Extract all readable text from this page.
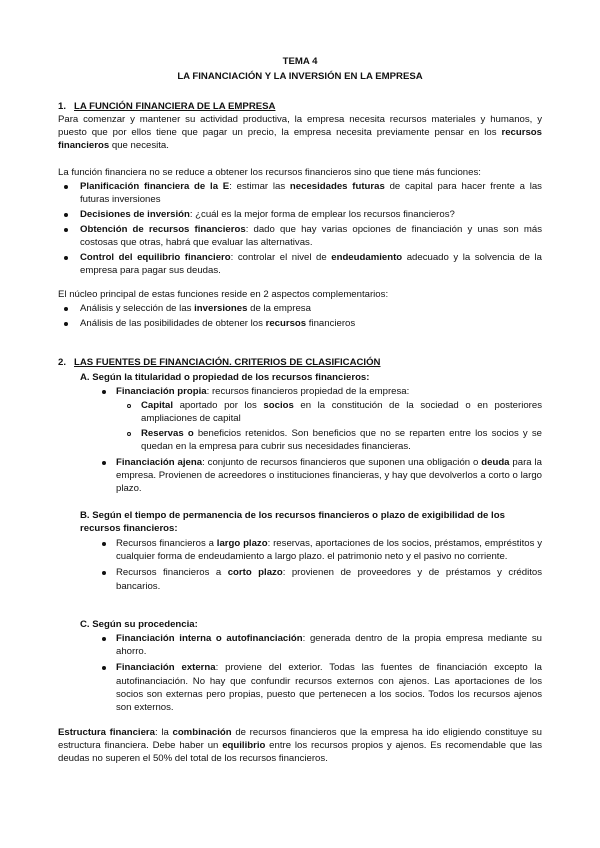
TEMA 4
LA FINANCIACIÓN Y LA INVERSIÓN EN LA EMPRESA
1. LA FUNCIÓN FINANCIERA DE LA EMPRESA
Para comenzar y mantener su actividad productiva, la empresa necesita recursos materiales y humanos, y puesto que por ellos tiene que pagar un precio, la empresa necesita previamente pensar en los recursos financieros que necesita.
La función financiera no se reduce a obtener los recursos financieros sino que tiene más funciones:
Planificación financiera de la E: estimar las necesidades futuras de capital para hacer frente a las futuras inversiones
Decisiones de inversión: ¿cuál es la mejor forma de emplear los recursos financieros?
Obtención de recursos financieros: dado que hay varias opciones de financiación y unas son más costosas que otras, habrá que evaluar las alternativas.
Control del equilibrio financiero: controlar el nivel de endeudamiento adecuado y la solvencia de la empresa para pagar sus deudas.
El núcleo principal de estas funciones reside en 2 aspectos complementarios:
Análisis y selección de las inversiones de la empresa
Análisis de las posibilidades de obtener los recursos financieros
2. LAS FUENTES DE FINANCIACIÓN. CRITERIOS DE CLASIFICACIÓN
A. Según la titularidad o propiedad de los recursos financieros:
Financiación propia: recursos financieros propiedad de la empresa:
Capital aportado por los socios en la constitución de la sociedad o en posteriores ampliaciones de capital
Reservas o beneficios retenidos. Son beneficios que no se reparten entre los socios y se quedan en la empresa para cubrir sus necesidades financieras.
Financiación ajena: conjunto de recursos financieros que suponen una obligación o deuda para la empresa. Provienen de acreedores o instituciones financieras, y hay que devolverlos a corto o largo plazo.
B. Según el tiempo de permanencia de los recursos financieros o plazo de exigibilidad de los recursos financieros:
Recursos financieros a largo plazo: reservas, aportaciones de los socios, préstamos, empréstitos y cualquier forma de endeudamiento a largo plazo. el patrimonio neto y el pasivo no corriente.
Recursos financieros a corto plazo: provienen de proveedores y de préstamos y créditos bancarios.
C. Según su procedencia:
Financiación interna o autofinanciación: generada dentro de la propia empresa mediante su ahorro.
Financiación externa: proviene del exterior. Todas las fuentes de financiación excepto la autofinanciación. No hay que confundir recursos externos con ajenos. Las aportaciones de los socios son externas pero propias, puesto que pertenecen a los socios. Todos los recursos ajenos son externos.
Estructura financiera: la combinación de recursos financieros que la empresa ha ido eligiendo constituye su estructura financiera. Debe haber un equilibrio entre los recursos propios y ajenos. Es recomendable que las deudas no superen el 50% del total de los recursos financieros.
